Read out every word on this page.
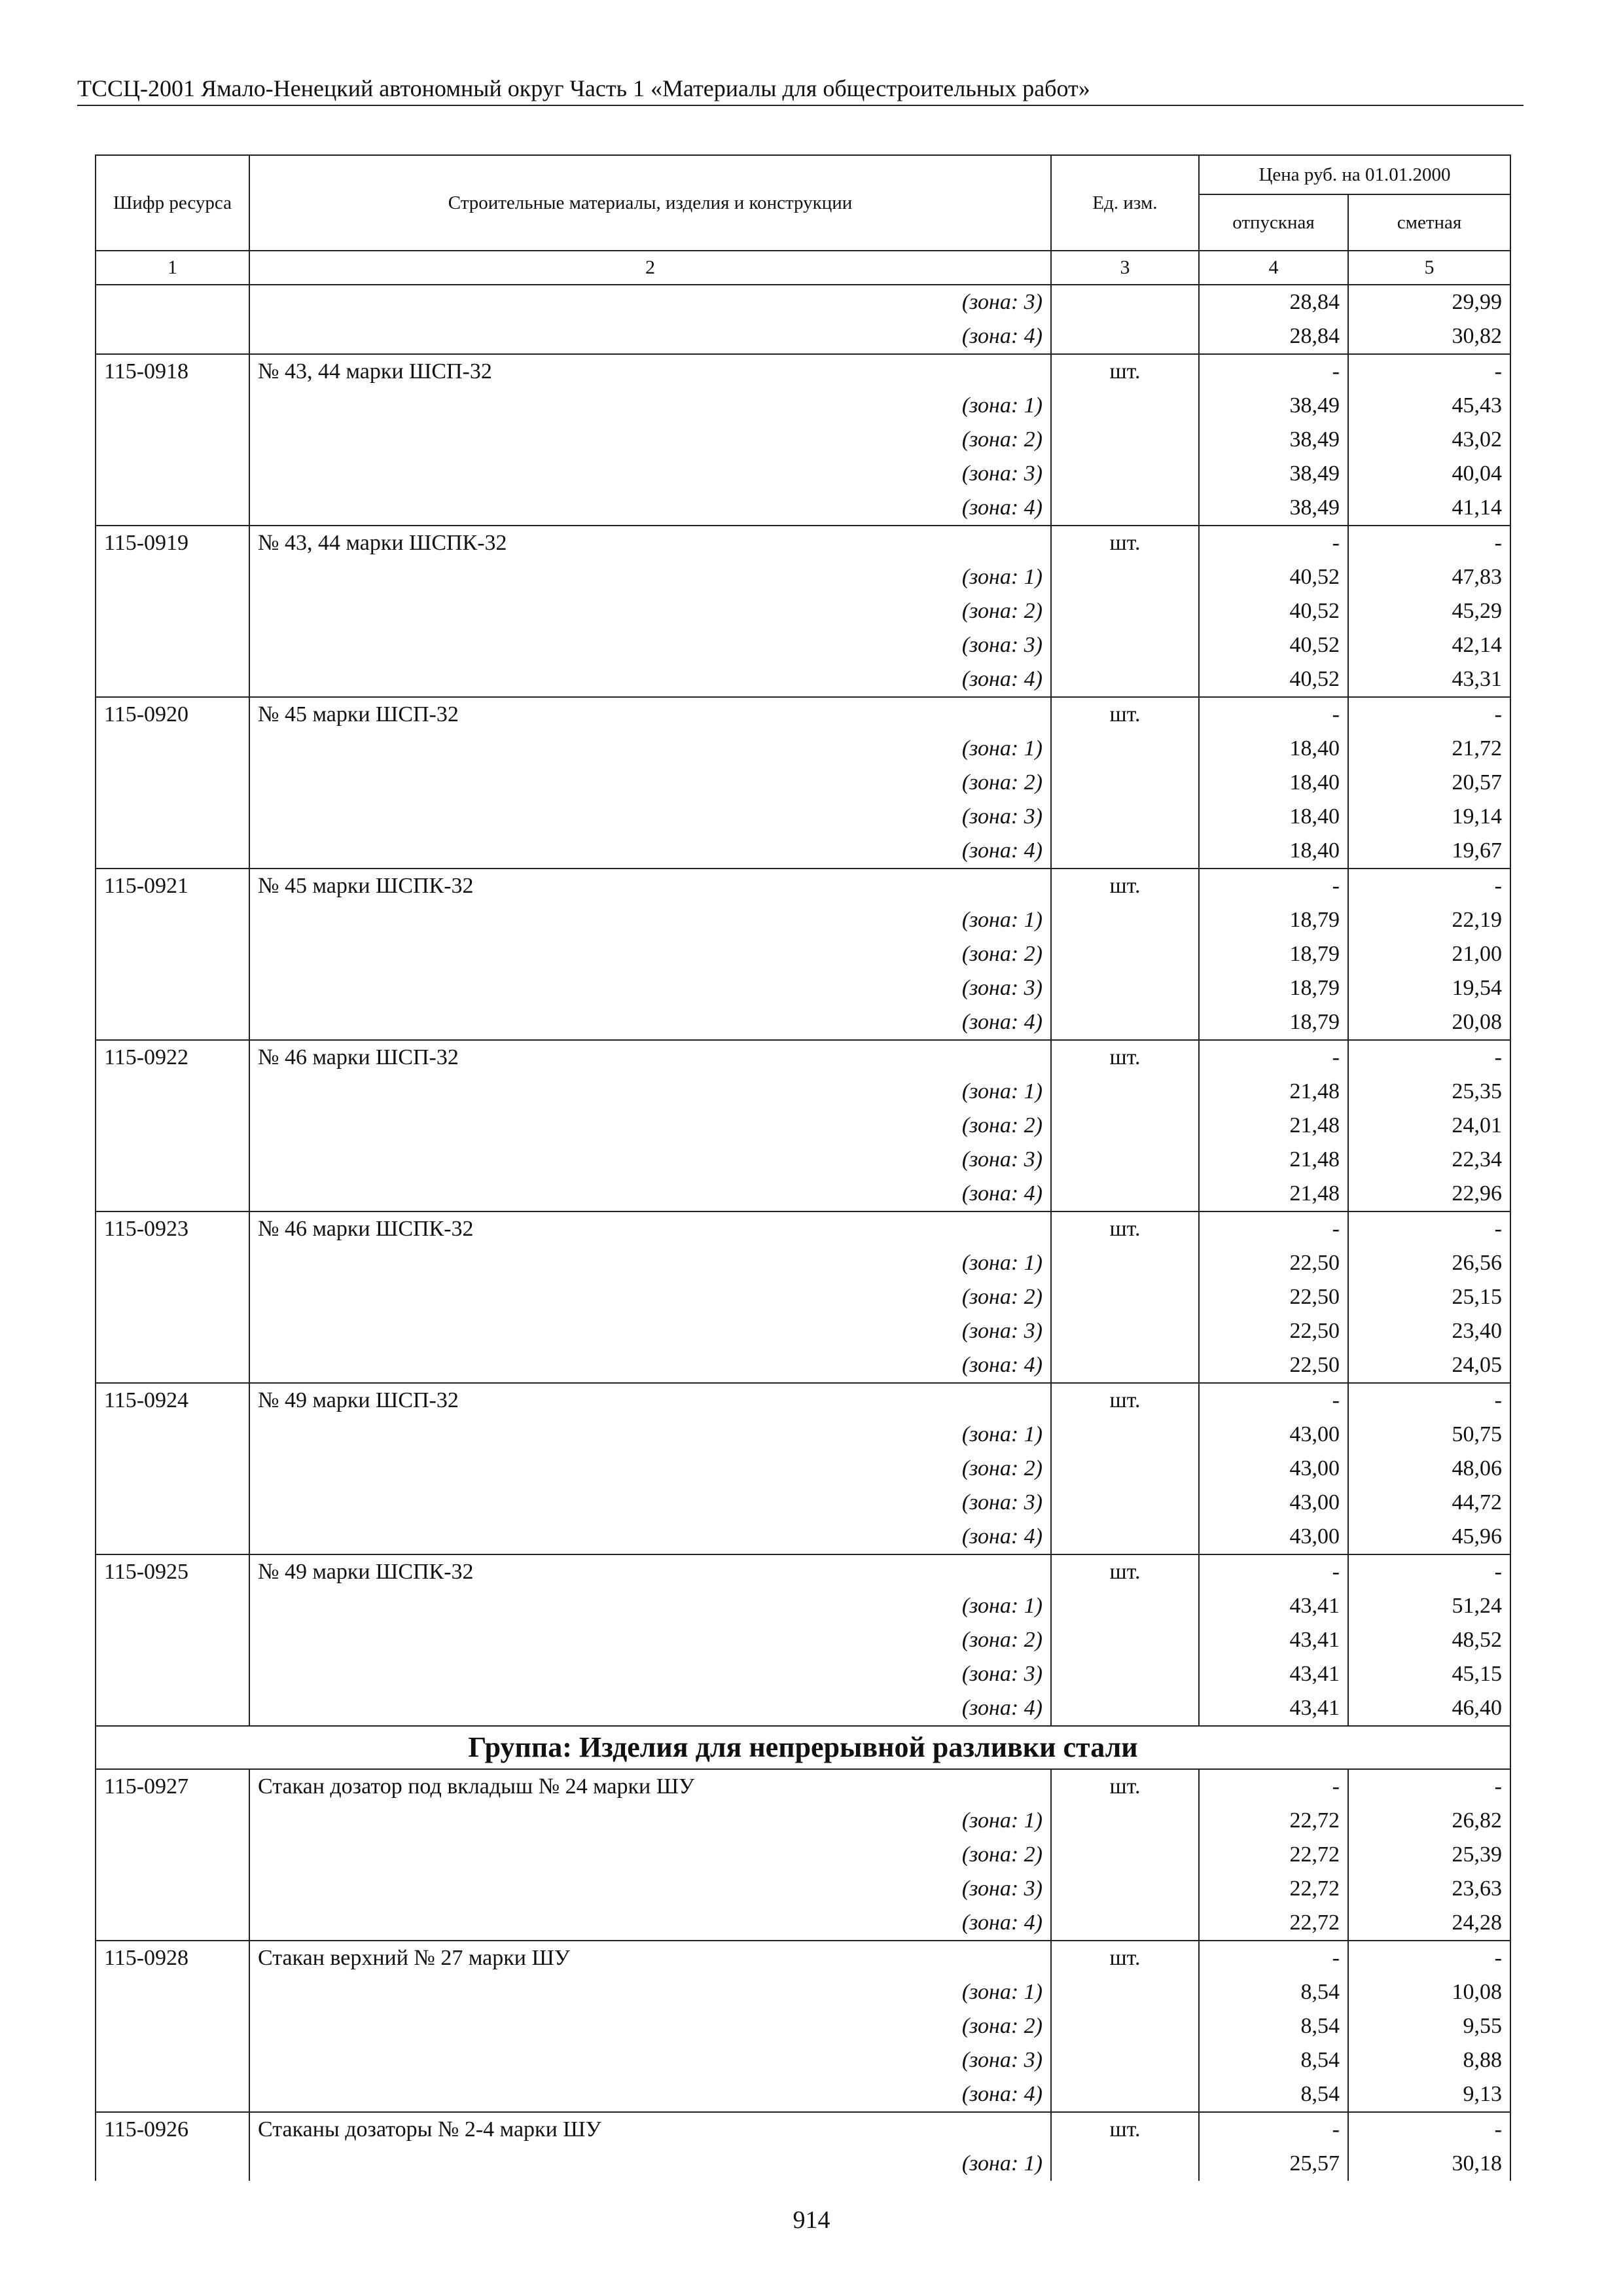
ТССЦ-2001 Ямало-Ненецкий автономный округ Часть 1 «Материалы для общестроительных работ»
Шифр ресурса	Строительные материалы, изделия и конструкции	Ед. изм.	Цена руб. на 01.01.2000	
			отпускная	сметная
1	2	3	4	5
	(зона: 3)		28,84	29,99
	(зона: 4)		28,84	30,82
115-0918	№ 43, 44 марки ШСП-32	шт.	-	-
	(зона: 1)		38,49	45,43
	(зона: 2)		38,49	43,02
	(зона: 3)		38,49	40,04
	(зона: 4)		38,49	41,14
115-0919	№ 43, 44 марки ШСПК-32	шт.	-	-
	(зона: 1)		40,52	47,83
	(зона: 2)		40,52	45,29
	(зона: 3)		40,52	42,14
	(зона: 4)		40,52	43,31
115-0920	№ 45 марки ШСП-32	шт.	-	-
	(зона: 1)		18,40	21,72
	(зона: 2)		18,40	20,57
	(зона: 3)		18,40	19,14
	(зона: 4)		18,40	19,67
115-0921	№ 45 марки ШСПК-32	шт.	-	-
	(зона: 1)		18,79	22,19
	(зона: 2)		18,79	21,00
	(зона: 3)		18,79	19,54
	(зона: 4)		18,79	20,08
115-0922	№ 46 марки ШСП-32	шт.	-	-
	(зона: 1)		21,48	25,35
	(зона: 2)		21,48	24,01
	(зона: 3)		21,48	22,34
	(зона: 4)		21,48	22,96
115-0923	№ 46 марки ШСПК-32	шт.	-	-
	(зона: 1)		22,50	26,56
	(зона: 2)		22,50	25,15
	(зона: 3)		22,50	23,40
	(зона: 4)		22,50	24,05
115-0924	№ 49 марки ШСП-32	шт.	-	-
	(зона: 1)		43,00	50,75
	(зона: 2)		43,00	48,06
	(зона: 3)		43,00	44,72
	(зона: 4)		43,00	45,96
115-0925	№ 49 марки ШСПК-32	шт.	-	-
	(зона: 1)		43,41	51,24
	(зона: 2)		43,41	48,52
	(зона: 3)		43,41	45,15
	(зона: 4)		43,41	46,40
Группа: Изделия для непрерывной разливки стали				
115-0927	Стакан дозатор под вкладыш № 24 марки ШУ	шт.	-	-
	(зона: 1)		22,72	26,82
	(зона: 2)		22,72	25,39
	(зона: 3)		22,72	23,63
	(зона: 4)		22,72	24,28
115-0928	Стакан верхний № 27 марки ШУ	шт.	-	-
	(зона: 1)		8,54	10,08
	(зона: 2)		8,54	9,55
	(зона: 3)		8,54	8,88
	(зона: 4)		8,54	9,13
115-0926	Стаканы дозаторы № 2-4 марки ШУ	шт.	-	-
	(зона: 1)		25,57	30,18
914
